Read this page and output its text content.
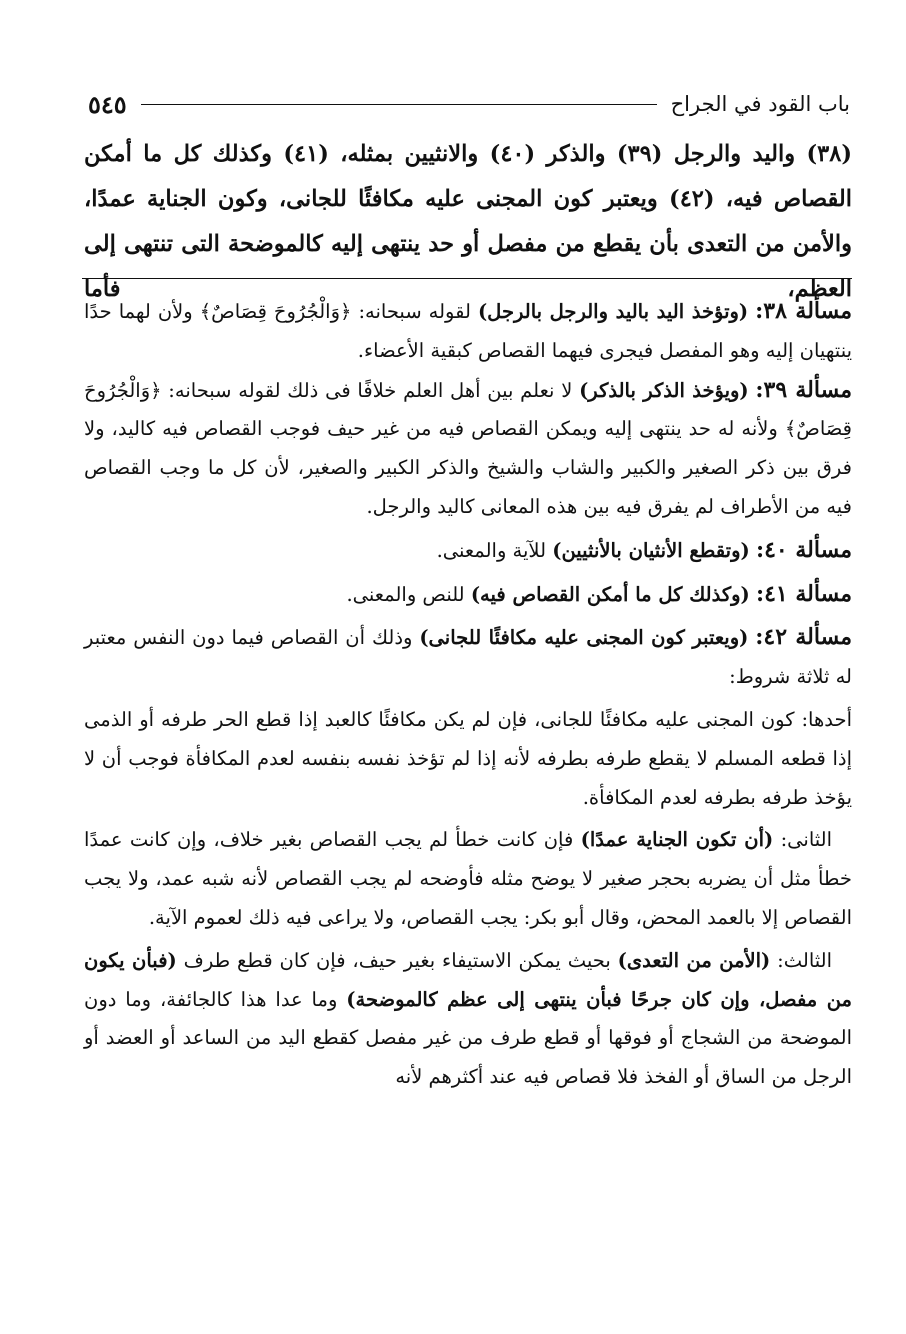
باب القود في الجراح
٥٤٥
(٣٨) واليد والرجل (٣٩) والذكر (٤٠) والانثيين بمثله، (٤١) وكذلك كل ما أمكن القصاص فيه، (٤٢) ويعتبر كون المجنى عليه مكافئًا للجانى، وكون الجناية عمدًا، والأمن من التعدى بأن يقطع من مفصل أو حد ينتهى إليه كالموضحة التى تنتهى إلى العظم، فأما

مسألة ٣٨: (وتؤخذ اليد باليد والرجل بالرجل) لقوله سبحانه: ﴿وَالْجُرُوحَ قِصَاصٌ﴾ ولأن لهما حدًا ينتهيان إليه وهو المفصل فيجرى فيهما القصاص كبقية الأعضاء.

مسألة ٣٩: (ويؤخذ الذكر بالذكر) لا نعلم بين أهل العلم خلافًا فى ذلك لقوله سبحانه: ﴿وَالْجُرُوحَ قِصَاصٌ﴾ ولأنه له حد ينتهى إليه ويمكن القصاص فيه من غير حيف فوجب القصاص فيه كاليد، ولا فرق بين ذكر الصغير والكبير والشاب والشيخ والذكر الكبير والصغير، لأن كل ما وجب القصاص فيه من الأطراف لم يفرق فيه بين هذه المعانى كاليد والرجل.

مسألة ٤٠: (وتقطع الأنثيان بالأنثيين) للآية والمعنى.

مسألة ٤١: (وكذلك كل ما أمكن القصاص فيه) للنص والمعنى.

مسألة ٤٢: (ويعتبر كون المجنى عليه مكافئًا للجانى) وذلك أن القصاص فيما دون النفس معتبر له ثلاثة شروط:

أحدها: كون المجنى عليه مكافئًا للجانى، فإن لم يكن مكافئًا كالعبد إذا قطع الحر طرفه أو الذمى إذا قطعه المسلم لا يقطع طرفه بطرفه لأنه إذا لم تؤخذ نفسه بنفسه لعدم المكافأة فوجب أن لا يؤخذ طرفه بطرفه لعدم المكافأة.

الثانى: (أن تكون الجناية عمدًا) فإن كانت خطأ لم يجب القصاص بغير خلاف، وإن كانت عمدًا خطأ مثل أن يضربه بحجر صغير لا يوضح مثله فأوضحه لم يجب القصاص لأنه شبه عمد، ولا يجب القصاص إلا بالعمد المحض، وقال أبو بكر: يجب القصاص، ولا يراعى فيه ذلك لعموم الآية.

الثالث: (الأمن من التعدى) بحيث يمكن الاستيفاء بغير حيف، فإن كان قطع طرف (فبأن يكون من مفصل، وإن كان جرحًا فبأن ينتهى إلى عظم كالموضحة) وما عدا هذا كالجائفة، وما دون الموضحة من الشجاج أو فوقها أو قطع طرف من غير مفصل كقطع اليد من الساعد أو العضد أو الرجل من الساق أو الفخذ فلا قصاص فيه عند أكثرهم لأنه
